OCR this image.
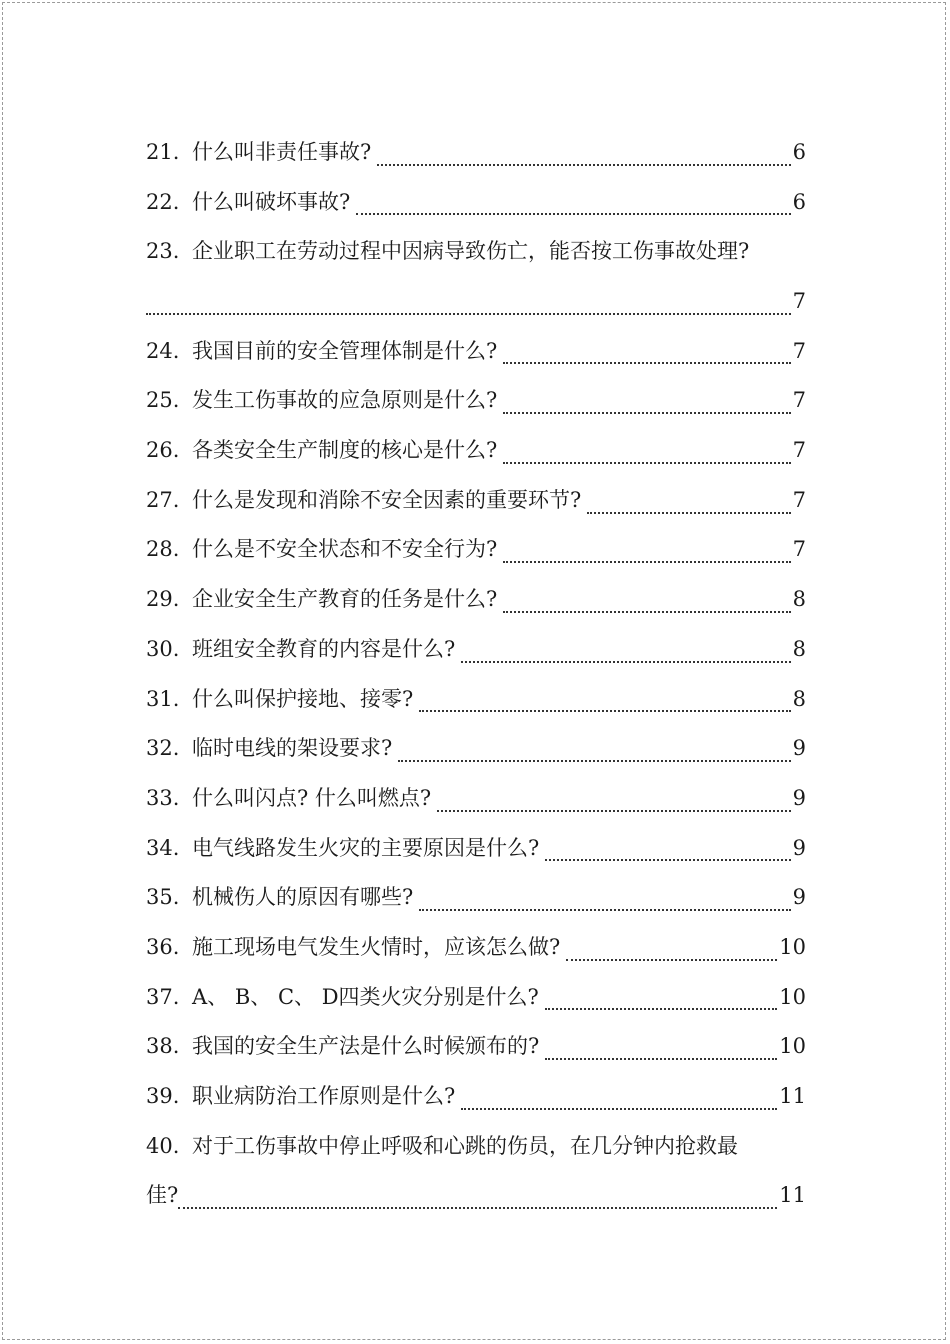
21. 什么叫非责任事故?	6
22. 什么叫破坏事故?	6
23. 企业职工在劳动过程中因病导致伤亡，能否按工伤事故处理?
7
24. 我国目前的安全管理体制是什么?	7
25. 发生工伤事故的应急原则是什么?	7
26. 各类安全生产制度的核心是什么?	7
27. 什么是发现和消除不安全因素的重要环节?	7
28. 什么是不安全状态和不安全行为?	7
29. 企业安全生产教育的任务是什么?	8
30. 班组安全教育的内容是什么?	8
31. 什么叫保护接地、接零?	8
32. 临时电线的架设要求?	9
33. 什么叫闪点? 什么叫燃点?	9
34. 电气线路发生火灾的主要原因是什么?	9
35. 机械伤人的原因有哪些?	9
36. 施工现场电气发生火情时，应该怎么做?	10
37. A、 B、 C、 D四类火灾分别是什么?	10
38. 我国的安全生产法是什么时候颁布的?	10
39. 职业病防治工作原则是什么?	11
40. 对于工伤事故中停止呼吸和心跳的伤员，在几分钟内抢救最
佳?	11
